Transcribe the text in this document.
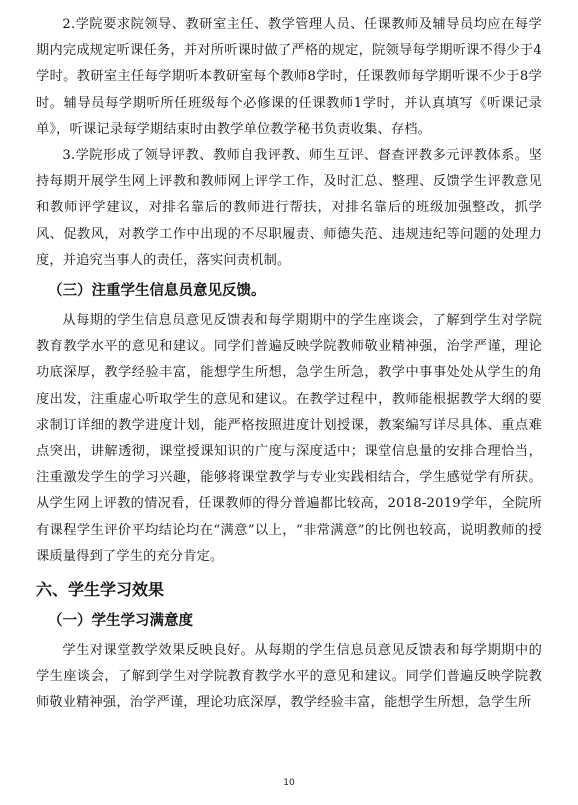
2.学院要求院领导、教研室主任、教学管理人员、任课教师及辅导员均应在每学期内完成规定听课任务，并对所听课时做了严格的规定，院领导每学期听课不得少于4学时。教研室主任每学期听本教研室每个教师8学时，任课教师每学期听课不少于8学时。辅导员每学期听所任班级每个必修课的任课教师1学时，并认真填写《听课记录单》，听课记录每学期结束时由教学单位教学秘书负责收集、存档。

3.学院形成了领导评教、教师自我评教、师生互评、督查评教多元评教体系。坚持每期开展学生网上评教和教师网上评学工作，及时汇总、整理、反馈学生评教意见和教师评学建议，对排名靠后的教师进行帮扶，对排名靠后的班级加强整改，抓学风、促教风，对教学工作中出现的不尽职履责、师德失范、违规违纪等问题的处理力度，并追究当事人的责任，落实问责机制。

（三）注重学生信息员意见反馈。

从每期的学生信息员意见反馈表和每学期期中的学生座谈会，了解到学生对学院教育教学水平的意见和建议。同学们普遍反映学院教师敬业精神强，治学严谨，理论功底深厚，教学经验丰富，能想学生所想，急学生所急，教学中事事处处从学生的角度出发，注重虚心听取学生的意见和建议。在教学过程中，教师能根据教学大纲的要求制订详细的教学进度计划，能严格按照进度计划授课，教案编写详尽具体、重点难点突出，讲解透彻，课堂授课知识的广度与深度适中；课堂信息量的安排合理恰当，注重激发学生的学习兴趣，能够将课堂教学与专业实践相结合，学生感觉学有所获。从学生网上评教的情况看，任课教师的得分普遍都比较高，2018-2019学年，全院所有课程学生评价平均结论均在“满意”以上，“非常满意”的比例也较高，说明教师的授课质量得到了学生的充分肯定。

六、学生学习效果
（一）学生学习满意度

学生对课堂教学效果反映良好。从每期的学生信息员意见反馈表和每学期期中的学生座谈会，了解到学生对学院教育教学水平的意见和建议。同学们普遍反映学院教师敬业精神强，治学严谨，理论功底深厚，教学经验丰富，能想学生所想，急学生所

10
